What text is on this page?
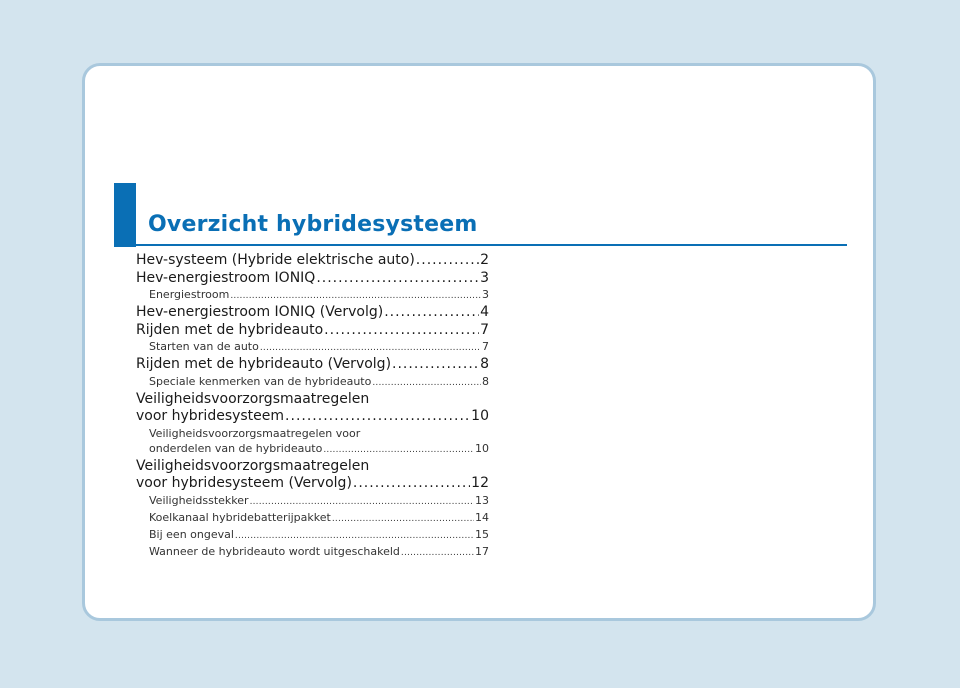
Overzicht hybridesysteem
Hev-systeem (Hybride elektrische auto) .....	2
Hev-energiestroom IONIQ .....	3
Energiestroom .....	3
Hev-energiestroom IONIQ (Vervolg) .....	4
Rijden met de hybrideauto .....	7
Starten van de auto .....	7
Rijden met de hybrideauto (Vervolg) .....	8
Speciale kenmerken van de hybrideauto .....	8
Veiligheidsvoorzorgsmaatregelen
voor hybridesysteem .....	10
Veiligheidsvoorzorgsmaatregelen voor
onderdelen van de hybrideauto .....	10
Veiligheidsvoorzorgsmaatregelen
voor hybridesysteem (Vervolg) .....	12
Veiligheidsstekker .....	13
Koelkanaal hybridebatterijpakket .....	14
Bij een ongeval .....	15
Wanneer de hybrideauto wordt uitgeschakeld .....	17
